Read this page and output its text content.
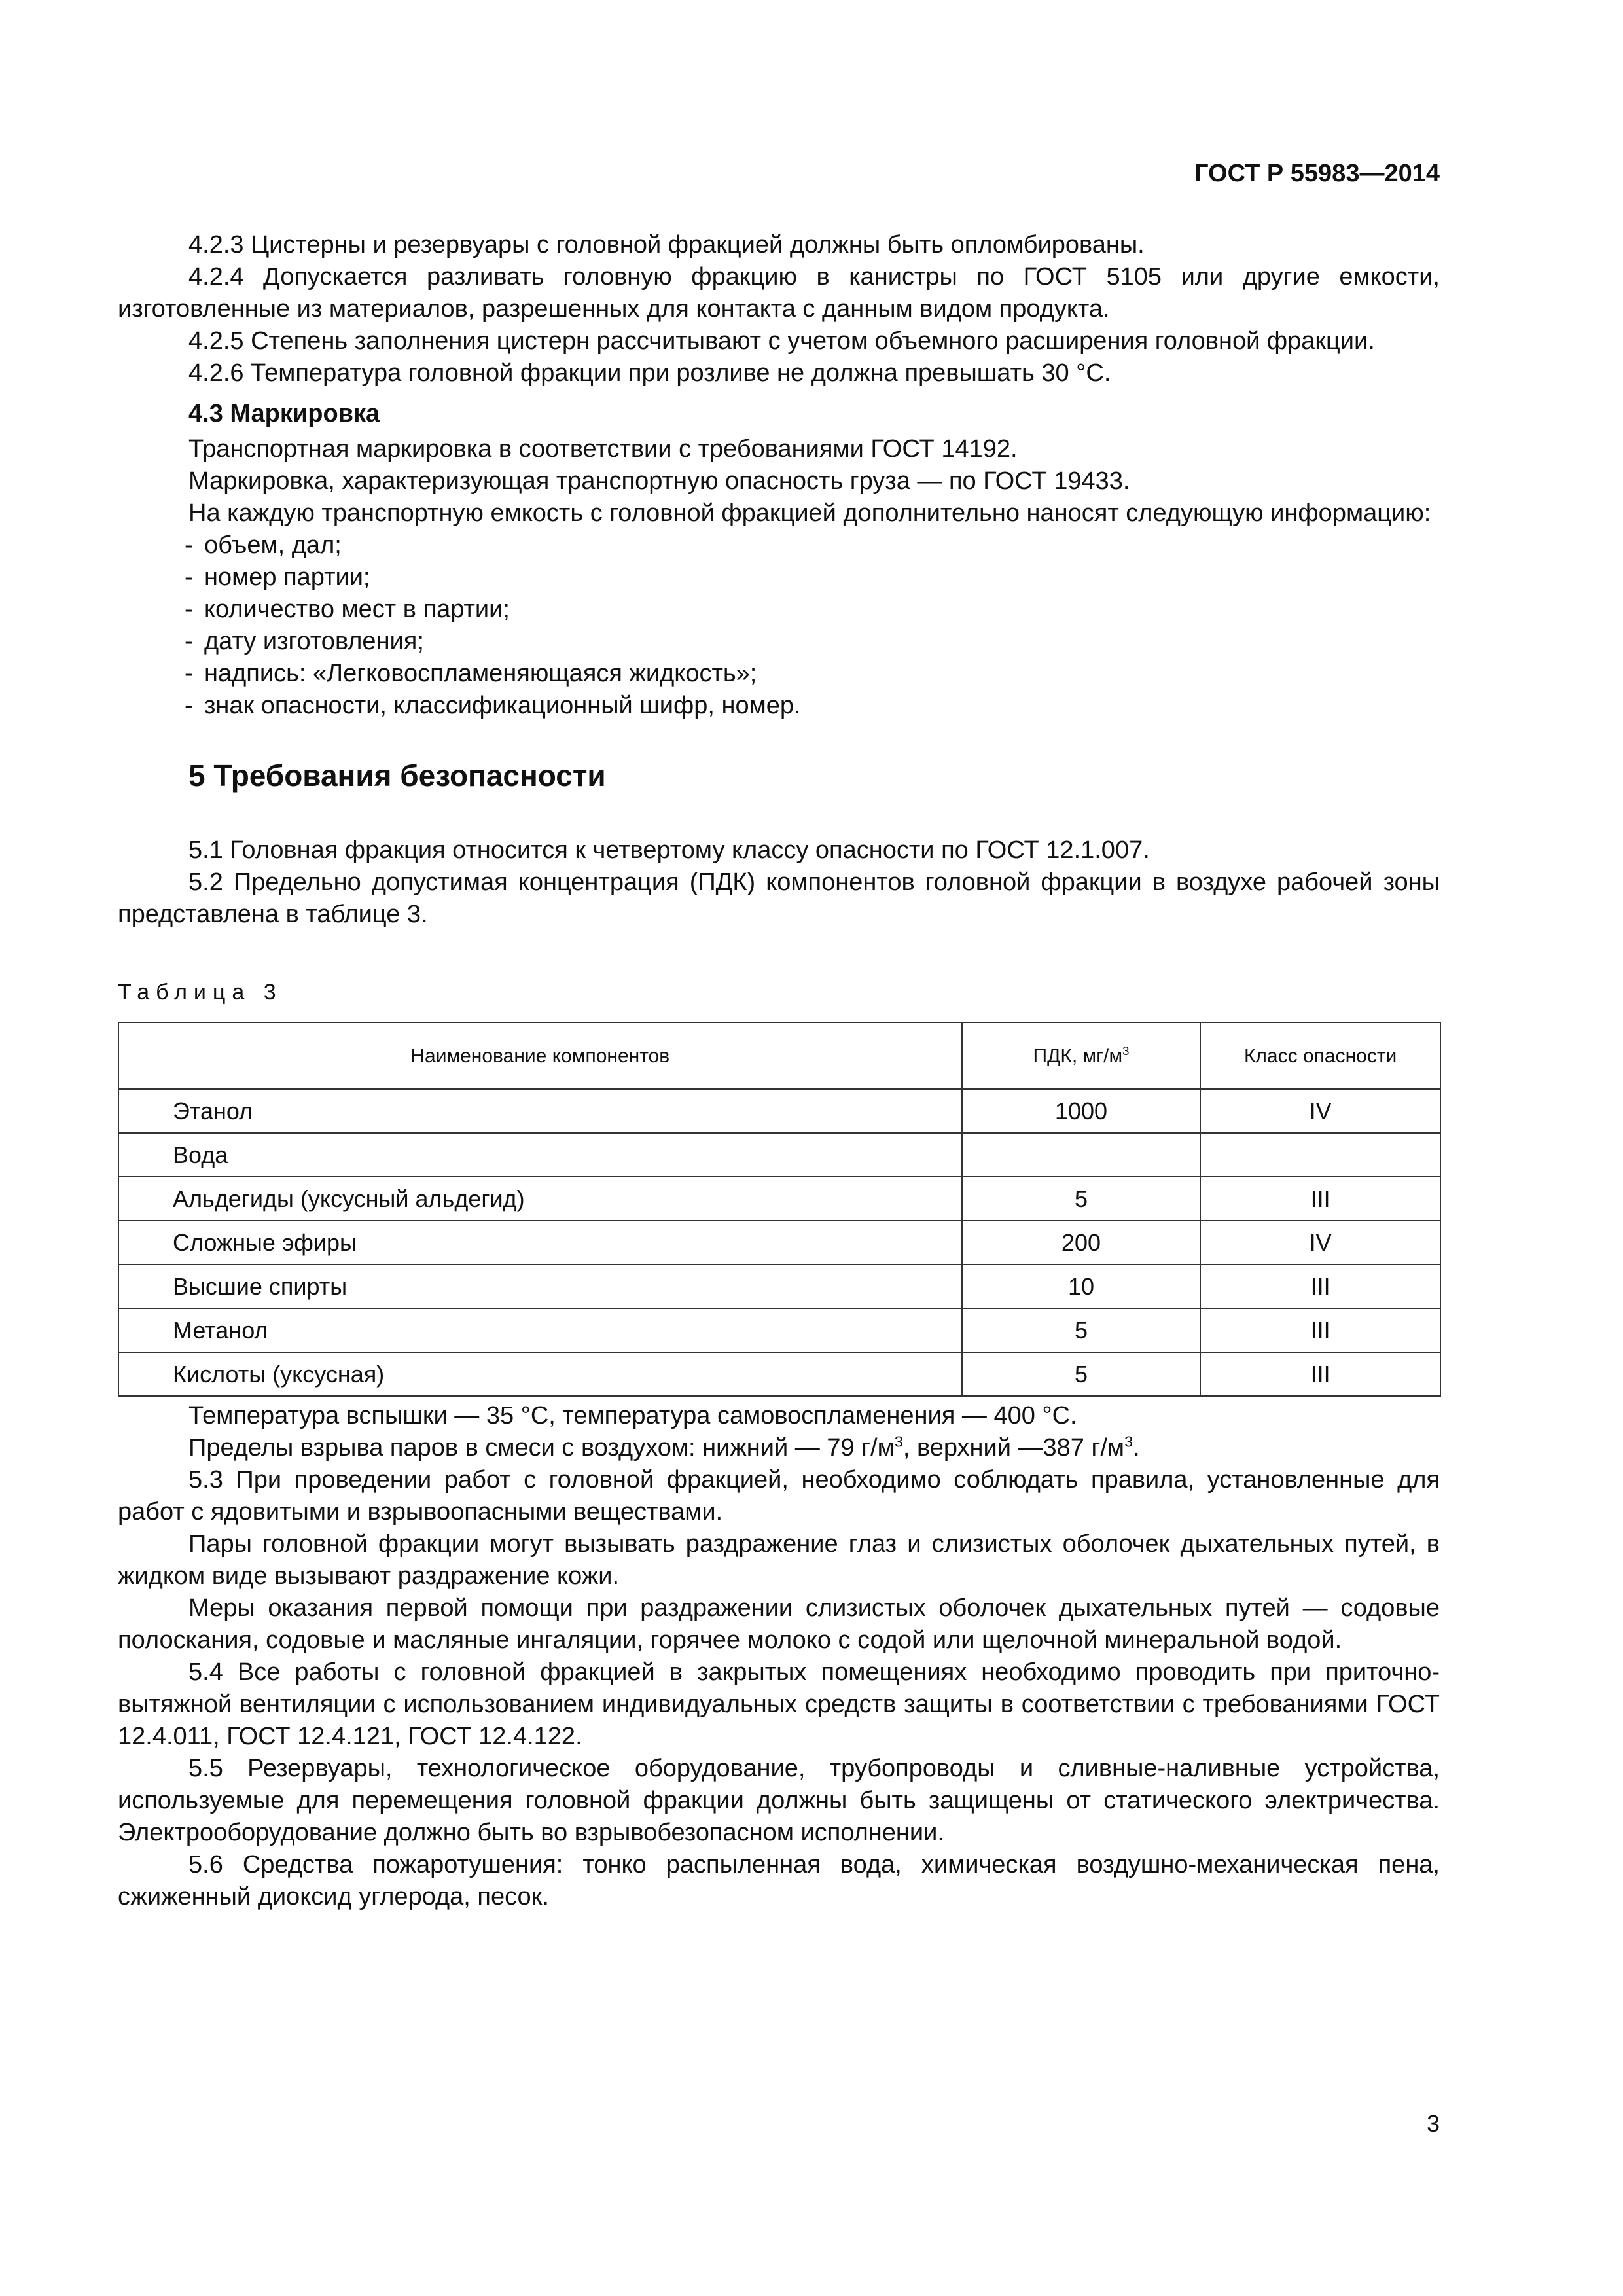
ГОСТ Р 55983—2014

4.2.3 Цистерны и резервуары с головной фракцией должны быть опломбированы.

4.2.4 Допускается разливать головную фракцию в канистры по ГОСТ 5105 или другие емкости, изготовленные из материалов, разрешенных для контакта с данным видом продукта.

4.2.5 Степень заполнения цистерн рассчитывают с учетом объемного расширения головной фракции.

4.2.6 Температура головной фракции при розливе не должна превышать 30 °С.

4.3 Маркировка

Транспортная маркировка в соответствии с требованиями ГОСТ 14192.

Маркировка, характеризующая транспортную опасность груза — по ГОСТ 19433.

На каждую транспортную емкость с головной фракцией дополнительно наносят следующую информацию:

- объем, дал;
- номер партии;
- количество мест в партии;
- дату изготовления;
- надпись: «Легковоспламеняющаяся жидкость»;
- знак опасности, классификационный шифр, номер.
5 Требования безопасности

5.1 Головная фракция относится к четвертому классу опасности по ГОСТ 12.1.007.

5.2 Предельно допустимая концентрация (ПДК) компонентов головной фракции в воздухе рабочей зоны представлена в таблице 3.

Таблица 3
Наименование компонентов	ПДК, $мг/м^3$	Класс опасности
Этанол	1000	IV
Вода		
Альдегиды (уксусный альдегид)	5	III
Сложные эфиры	200	IV
Высшие спирты	10	III
Метанол	5	III
Кислоты (уксусная)	5	III

Температура вспышки — 35 °С, температура самовоспламенения — 400 °С.

Пределы взрыва паров в смеси с воздухом: нижний — 79 $г/м^3$, верхний —387 $г/м^3$.

5.3 При проведении работ с головной фракцией, необходимо соблюдать правила, установленные для работ с ядовитыми и взрывоопасными веществами.

Пары головной фракции могут вызывать раздражение глаз и слизистых оболочек дыхательных путей, в жидком виде вызывают раздражение кожи.

Меры оказания первой помощи при раздражении слизистых оболочек дыхательных путей — содовые полоскания, содовые и масляные ингаляции, горячее молоко с содой или щелочной минеральной водой.

5.4 Все работы с головной фракцией в закрытых помещениях необходимо проводить при приточно-вытяжной вентиляции с использованием индивидуальных средств защиты в соответствии с требованиями ГОСТ 12.4.011, ГОСТ 12.4.121, ГОСТ 12.4.122.

5.5 Резервуары, технологическое оборудование, трубопроводы и сливные-наливные устройства, используемые для перемещения головной фракции должны быть защищены от статического электричества. Электрооборудование должно быть во взрывобезопасном исполнении.

5.6 Средства пожаротушения: тонко распыленная вода, химическая воздушно-механическая пена, сжиженный диоксид углерода, песок.

3
